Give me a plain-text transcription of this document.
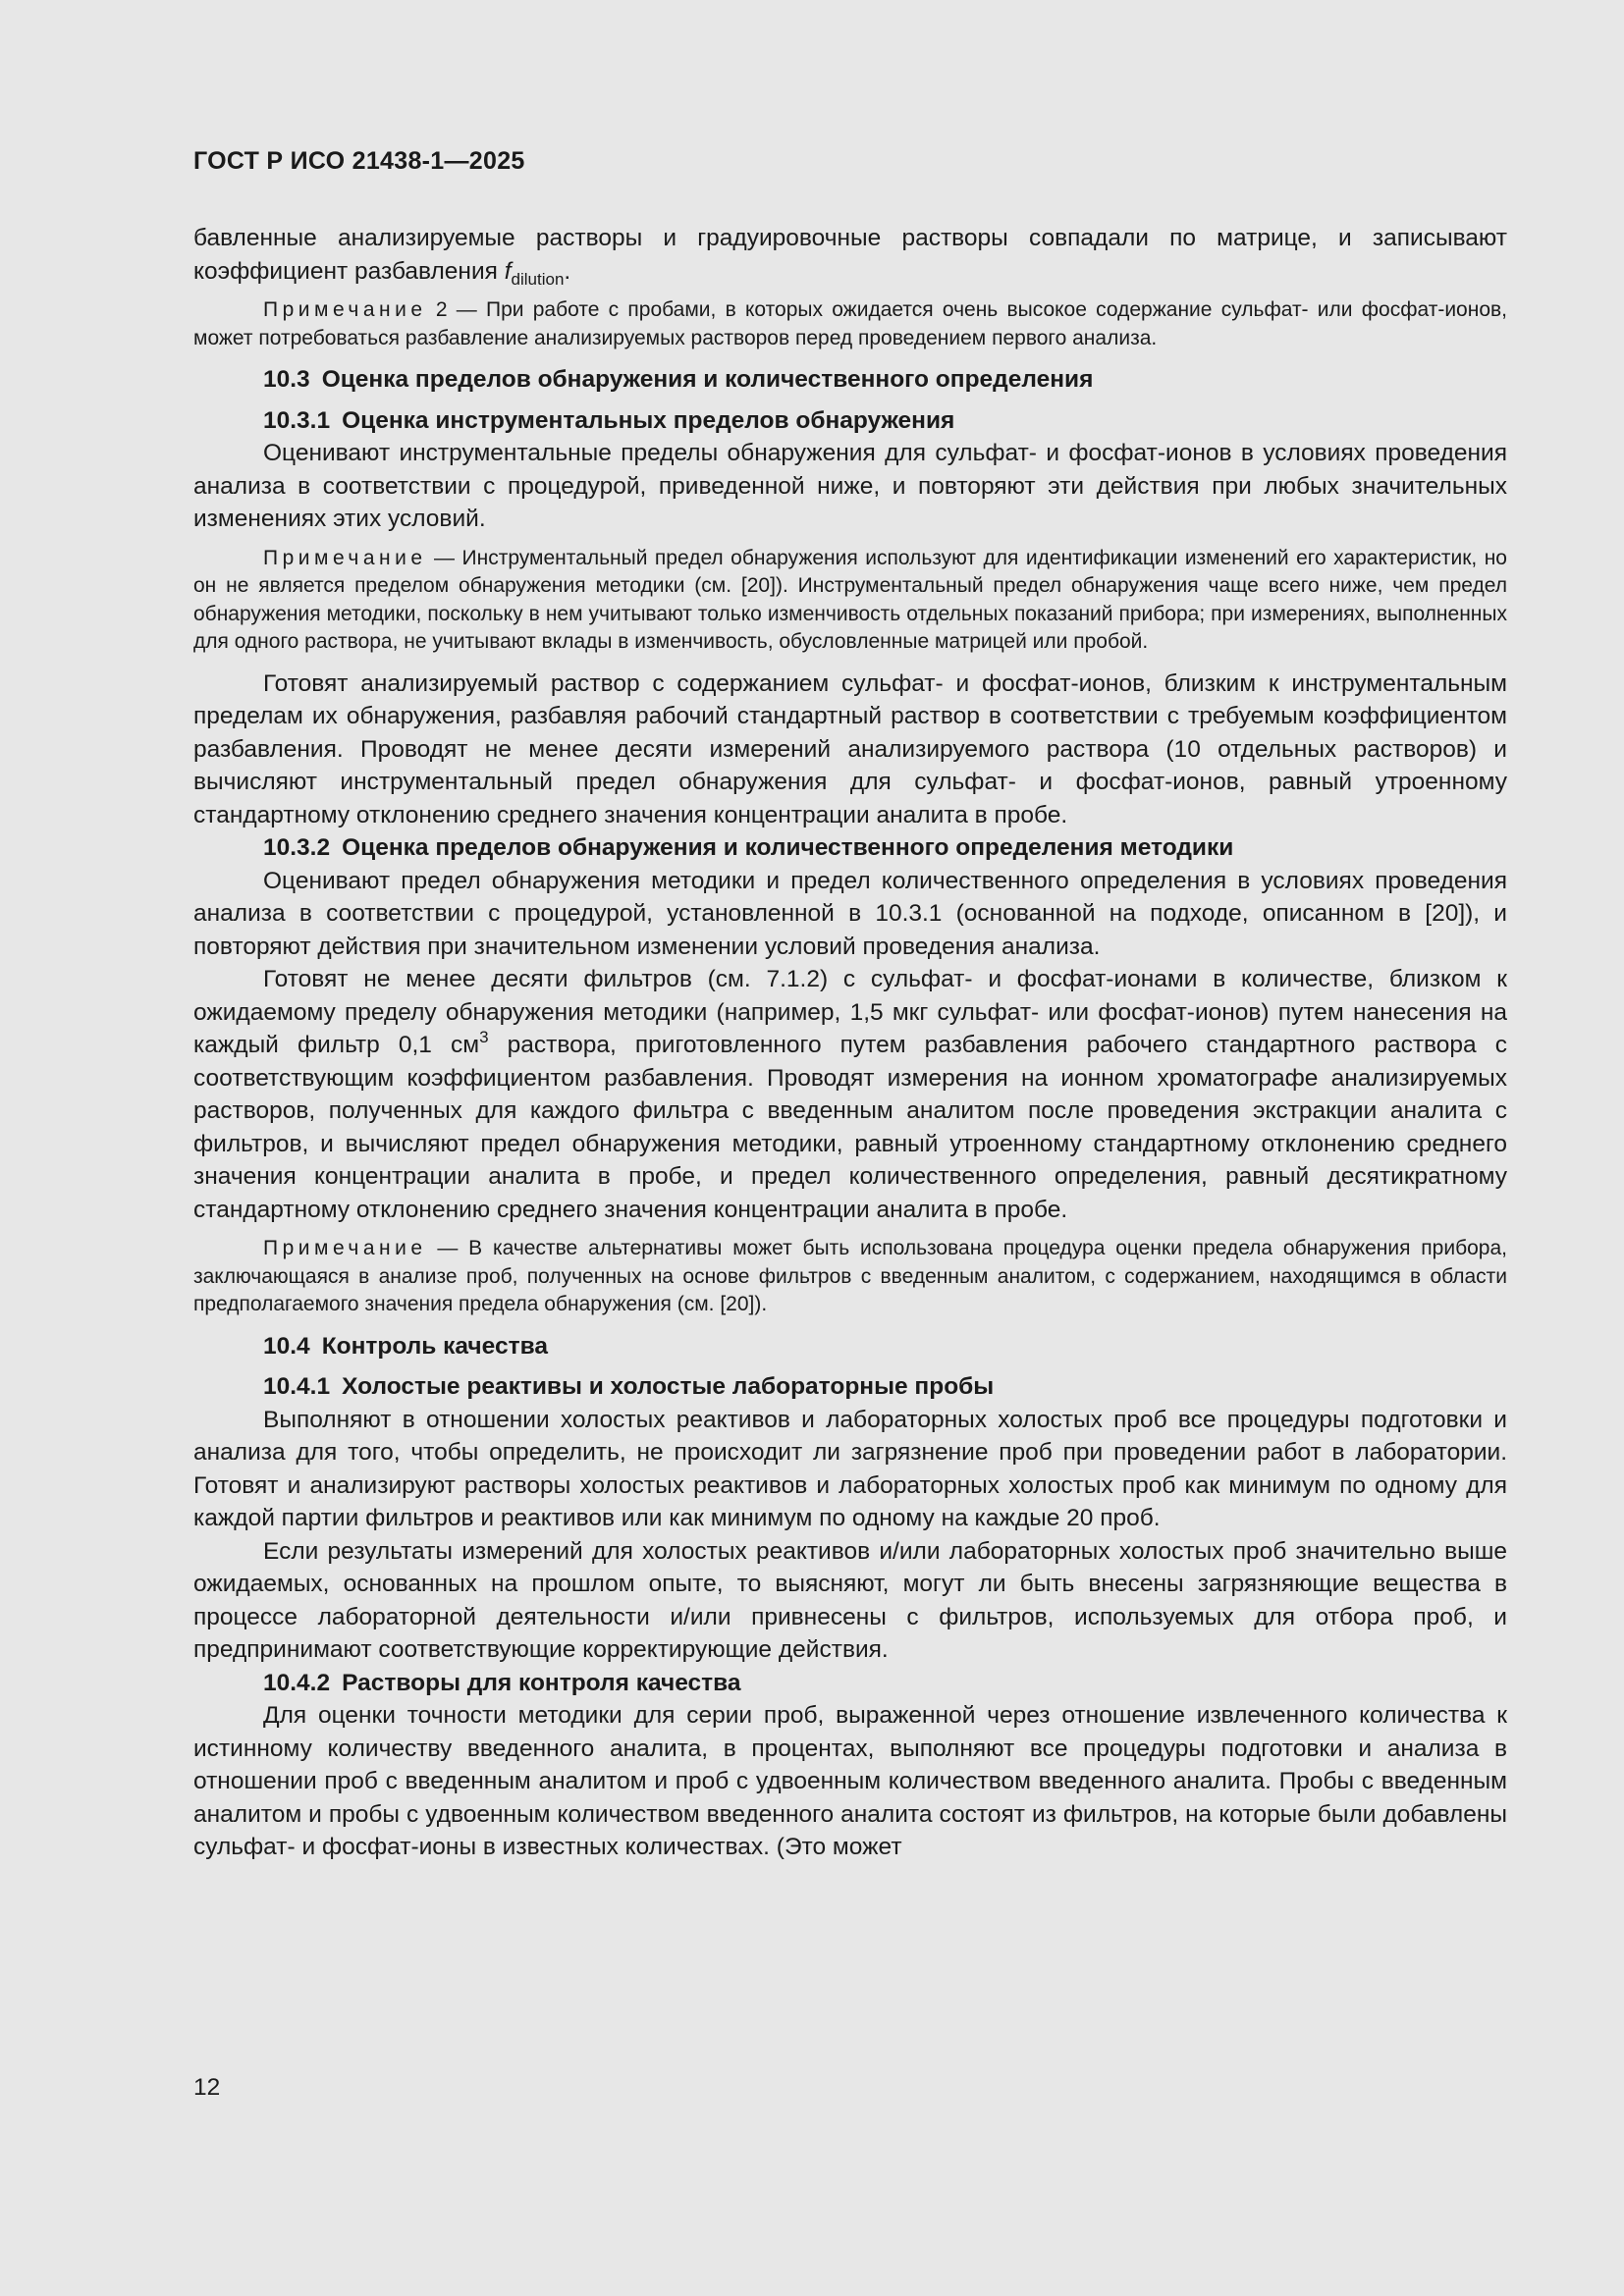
ГОСТ Р ИСО 21438-1—2025

бавленные анализируемые растворы и градуировочные растворы совпадали по матрице, и записывают коэффициент разбавления $f_{dilution}$.

Примечание 2 — При работе с пробами, в которых ожидается очень высокое содержание сульфат- или фосфат-ионов, может потребоваться разбавление анализируемых растворов перед проведением первого анализа.

10.3 Оценка пределов обнаружения и количественного определения
10.3.1 Оценка инструментальных пределов обнаружения

Оценивают инструментальные пределы обнаружения для сульфат- и фосфат-ионов в условиях проведения анализа в соответствии с процедурой, приведенной ниже, и повторяют эти действия при любых значительных изменениях этих условий.

Примечание — Инструментальный предел обнаружения используют для идентификации изменений его характеристик, но он не является пределом обнаружения методики (см. [20]). Инструментальный предел обнаружения чаще всего ниже, чем предел обнаружения методики, поскольку в нем учитывают только изменчивость отдельных показаний прибора; при измерениях, выполненных для одного раствора, не учитывают вклады в изменчивость, обусловленные матрицей или пробой.

Готовят анализируемый раствор с содержанием сульфат- и фосфат-ионов, близким к инструментальным пределам их обнаружения, разбавляя рабочий стандартный раствор в соответствии с требуемым коэффициентом разбавления. Проводят не менее десяти измерений анализируемого раствора (10 отдельных растворов) и вычисляют инструментальный предел обнаружения для сульфат- и фосфат-ионов, равный утроенному стандартному отклонению среднего значения концентрации аналита в пробе.

10.3.2 Оценка пределов обнаружения и количественного определения методики

Оценивают предел обнаружения методики и предел количественного определения в условиях проведения анализа в соответствии с процедурой, установленной в 10.3.1 (основанной на подходе, описанном в [20]), и повторяют действия при значительном изменении условий проведения анализа.

Готовят не менее десяти фильтров (см. 7.1.2) с сульфат- и фосфат-ионами в количестве, близком к ожидаемому пределу обнаружения методики (например, 1,5 мкг сульфат- или фосфат-ионов) путем нанесения на каждый фильтр 0,1 $см^3$ раствора, приготовленного путем разбавления рабочего стандартного раствора с соответствующим коэффициентом разбавления. Проводят измерения на ионном хроматографе анализируемых растворов, полученных для каждого фильтра с введенным аналитом после проведения экстракции аналита с фильтров, и вычисляют предел обнаружения методики, равный утроенному стандартному отклонению среднего значения концентрации аналита в пробе, и предел количественного определения, равный десятикратному стандартному отклонению среднего значения концентрации аналита в пробе.

Примечание — В качестве альтернативы может быть использована процедура оценки предела обнаружения прибора, заключающаяся в анализе проб, полученных на основе фильтров с введенным аналитом, с содержанием, находящимся в области предполагаемого значения предела обнаружения (см. [20]).

10.4 Контроль качества
10.4.1 Холостые реактивы и холостые лабораторные пробы

Выполняют в отношении холостых реактивов и лабораторных холостых проб все процедуры подготовки и анализа для того, чтобы определить, не происходит ли загрязнение проб при проведении работ в лаборатории. Готовят и анализируют растворы холостых реактивов и лабораторных холостых проб как минимум по одному для каждой партии фильтров и реактивов или как минимум по одному на каждые 20 проб.

Если результаты измерений для холостых реактивов и/или лабораторных холостых проб значительно выше ожидаемых, основанных на прошлом опыте, то выясняют, могут ли быть внесены загрязняющие вещества в процессе лабораторной деятельности и/или привнесены с фильтров, используемых для отбора проб, и предпринимают соответствующие корректирующие действия.

10.4.2 Растворы для контроля качества

Для оценки точности методики для серии проб, выраженной через отношение извлеченного количества к истинному количеству введенного аналита, в процентах, выполняют все процедуры подготовки и анализа в отношении проб с введенным аналитом и проб с удвоенным количеством введенного аналита. Пробы с введенным аналитом и пробы с удвоенным количеством введенного аналита состоят из фильтров, на которые были добавлены сульфат- и фосфат-ионы в известных количествах. (Это может

12
